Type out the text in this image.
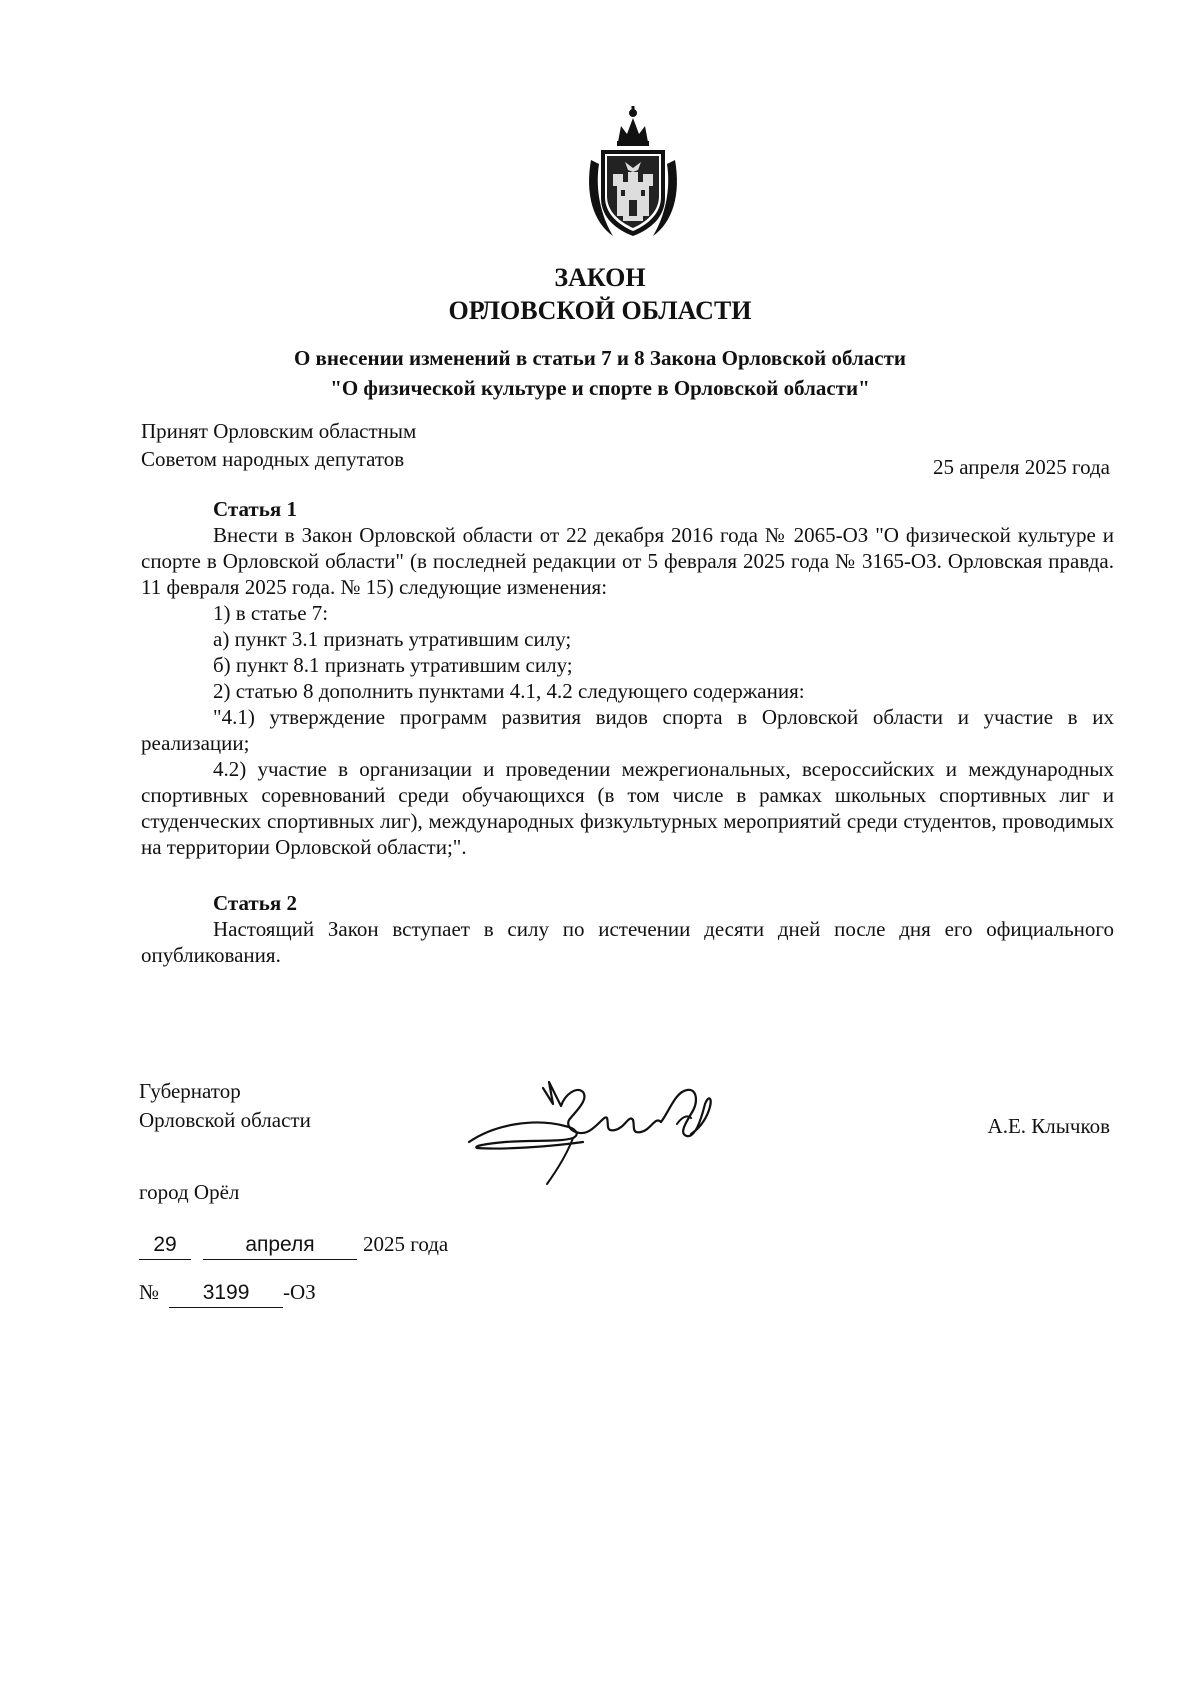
ЗАКОН
ОРЛОВСКОЙ ОБЛАСТИ
О внесении изменений в статьи 7 и 8 Закона Орловской области
"О физической культуре и спорте в Орловской области"
Принят Орловским областным
Советом народных депутатов	25 апреля 2025 года

Статья 1

Внести в Закон Орловской области от 22 декабря 2016 года № 2065-ОЗ "О физической культуре и спорте в Орловской области" (в последней редакции от 5 февраля 2025 года № 3165-ОЗ. Орловская правда. 11 февраля 2025 года. № 15) следующие изменения:

1) в статье 7:

а) пункт 3.1 признать утратившим силу;

б) пункт 8.1 признать утратившим силу;

2) статью 8 дополнить пунктами 4.1, 4.2 следующего содержания:

"4.1) утверждение программ развития видов спорта в Орловской области и участие в их реализации;

4.2) участие в организации и проведении межрегиональных, всероссийских и международных спортивных соревнований среди обучающихся (в том числе в рамках школьных спортивных лиг и студенческих спортивных лиг), международных физкультурных мероприятий среди студентов, проводимых на территории Орловской области;".

Статья 2

Настоящий Закон вступает в силу по истечении десяти дней после дня его официального опубликования.

Губернатор
Орловской области	А.Е. Клычков
город Орёл
29	апреля 2025 года
№ 3199 -ОЗ
